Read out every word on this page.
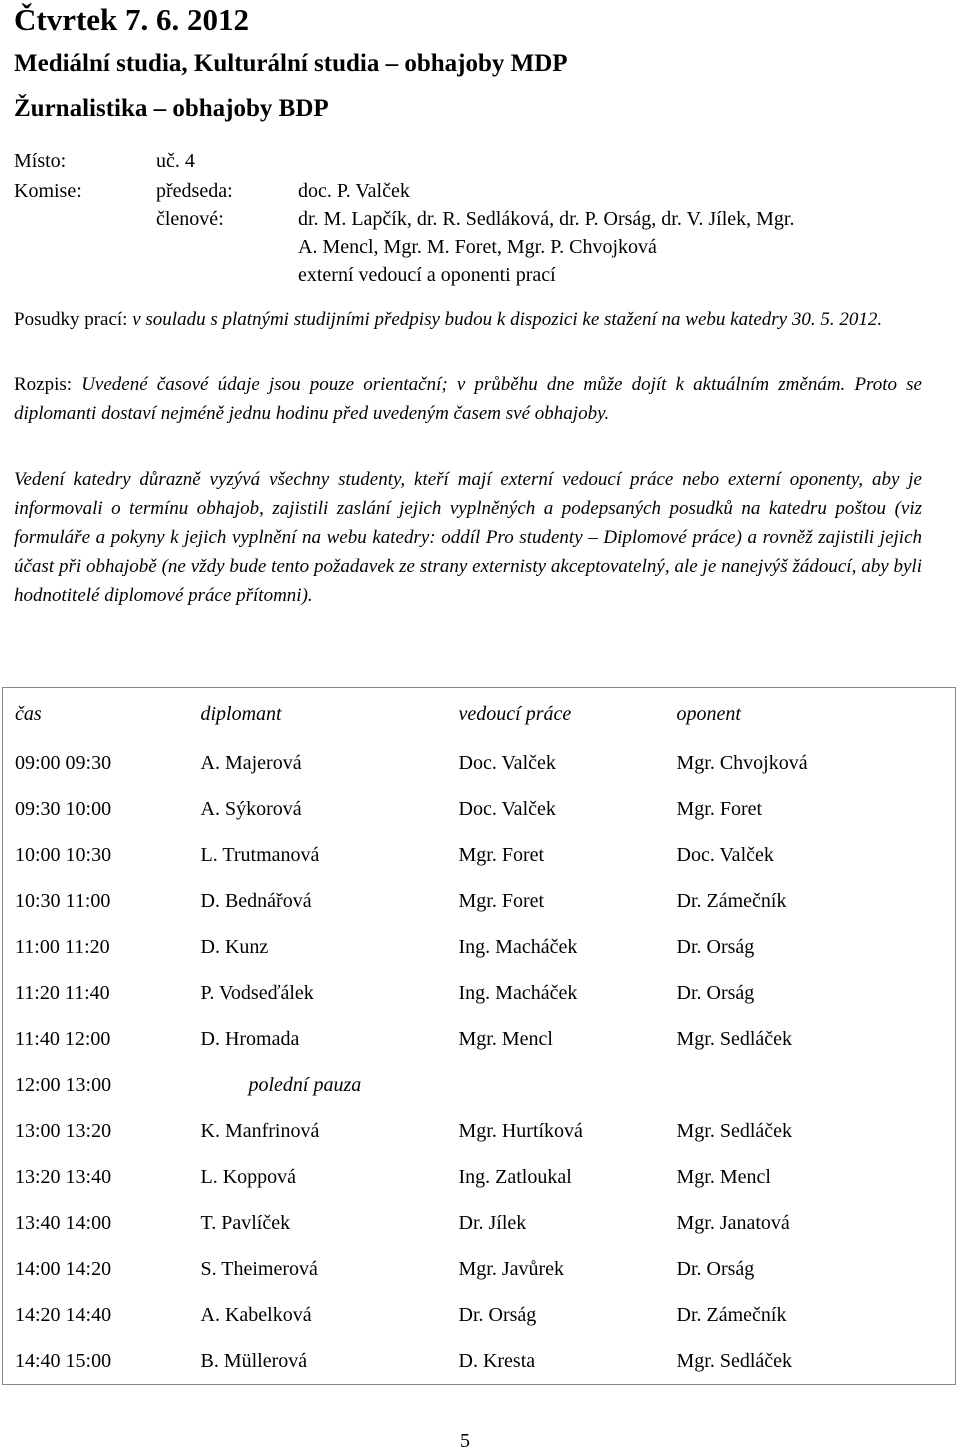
Čtvrtek 7. 6. 2012
Mediální studia, Kulturální studia – obhajoby MDP
Žurnalistika – obhajoby BDP
Místo:	uč. 4
Komise:	předseda:	doc. P. Valček
členové:	dr. M. Lapčík, dr. R. Sedláková, dr. P. Orság, dr. V. Jílek, Mgr.
A. Mencl, Mgr. M. Foret, Mgr. P. Chvojková
externí vedoucí a oponenti prací
Posudky prací: v souladu s platnými studijními předpisy budou k dispozici ke stažení na webu katedry 30. 5. 2012.
Rozpis: Uvedené časové údaje jsou pouze orientační; v průběhu dne může dojít k aktuálním změnám. Proto se diplomanti dostaví nejméně jednu hodinu před uvedeným časem své obhajoby.
Vedení katedry důrazně vyzývá všechny studenty, kteří mají externí vedoucí práce nebo externí oponenty, aby je informovali o termínu obhajob, zajistili zaslání jejich vyplněných a podepsaných posudků na katedru poštou (viz formuláře a pokyny k jejich vyplnění na webu katedry: oddíl Pro studenty – Diplomové práce) a rovněž zajistili jejich účast při obhajobě (ne vždy bude tento požadavek ze strany externisty akceptovatelný, ale je nanejvýš žádoucí, aby byli hodnotitelé diplomové práce přítomni).
čas	diplomant	vedoucí práce	oponent
09:00 09:30	A. Majerová	Doc. Valček	Mgr. Chvojková
09:30 10:00	A. Sýkorová	Doc. Valček	Mgr. Foret
10:00 10:30	L. Trutmanová	Mgr. Foret	Doc. Valček
10:30 11:00	D. Bednářová	Mgr. Foret	Dr. Zámečník
11:00 11:20	D. Kunz	Ing. Macháček	Dr. Orság
11:20 11:40	P. Vodseďálek	Ing. Macháček	Dr. Orság
11:40 12:00	D. Hromada	Mgr. Mencl	Mgr. Sedláček
12:00 13:00	polední pauza		
13:00 13:20	K. Manfrinová	Mgr. Hurtíková	Mgr. Sedláček
13:20 13:40	L. Koppová	Ing. Zatloukal	Mgr. Mencl
13:40 14:00	T. Pavlíček	Dr. Jílek	Mgr. Janatová
14:00 14:20	S. Theimerová	Mgr. Javůrek	Dr. Orság
14:20 14:40	A. Kabelková	Dr. Orság	Dr. Zámečník
14:40 15:00	B. Müllerová	D. Kresta	Mgr. Sedláček
5
